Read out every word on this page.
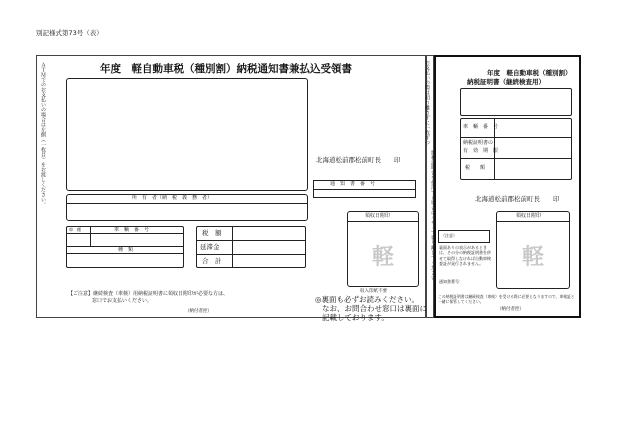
別記様式第73号（表）
年度　軽自動車税（種別割）納税通知書兼払込受領書
ＡＴＭでのお支払いの場合は左側（一枚目）をお渡しください。	北海道松前郡松前町長　　印
所　有　者（納　税　義　務　者）
通　知　書　番　号
車　種	車　輌　番　号
種　類
税　額
延滞金
合　計
領収日附印
軽
収入印紙不要
【ご注意】継続検査（車検）用納税証明書に領収日附印が必要な方は、
窓口でお支払いください。
（納付者控）
◎裏面も必ずお読みください。
なお、お問合わせ窓口は裏面に
記載しております。
お支払いの際は切り離さずに一枚ずつ
納税証明書を使用する場合はハサミで切り離してください。
年度　軽自動車税（種別割）
納税証明書（継続検査用）
車　輌　番　号
納税証明書の
有　効　期　限
税　　額
北海道松前郡松前町長　　印
（注意）
裏面ありの表示があるときは、その分の納税証明書を併せて取得しなければ自動車検査証が発行されません。
通知書番号：
領収日附印
軽
この納税証明書は継続検査（車検）を受ける際に必要となりますので、車検証と一緒に保管してください。
（納付者控）
